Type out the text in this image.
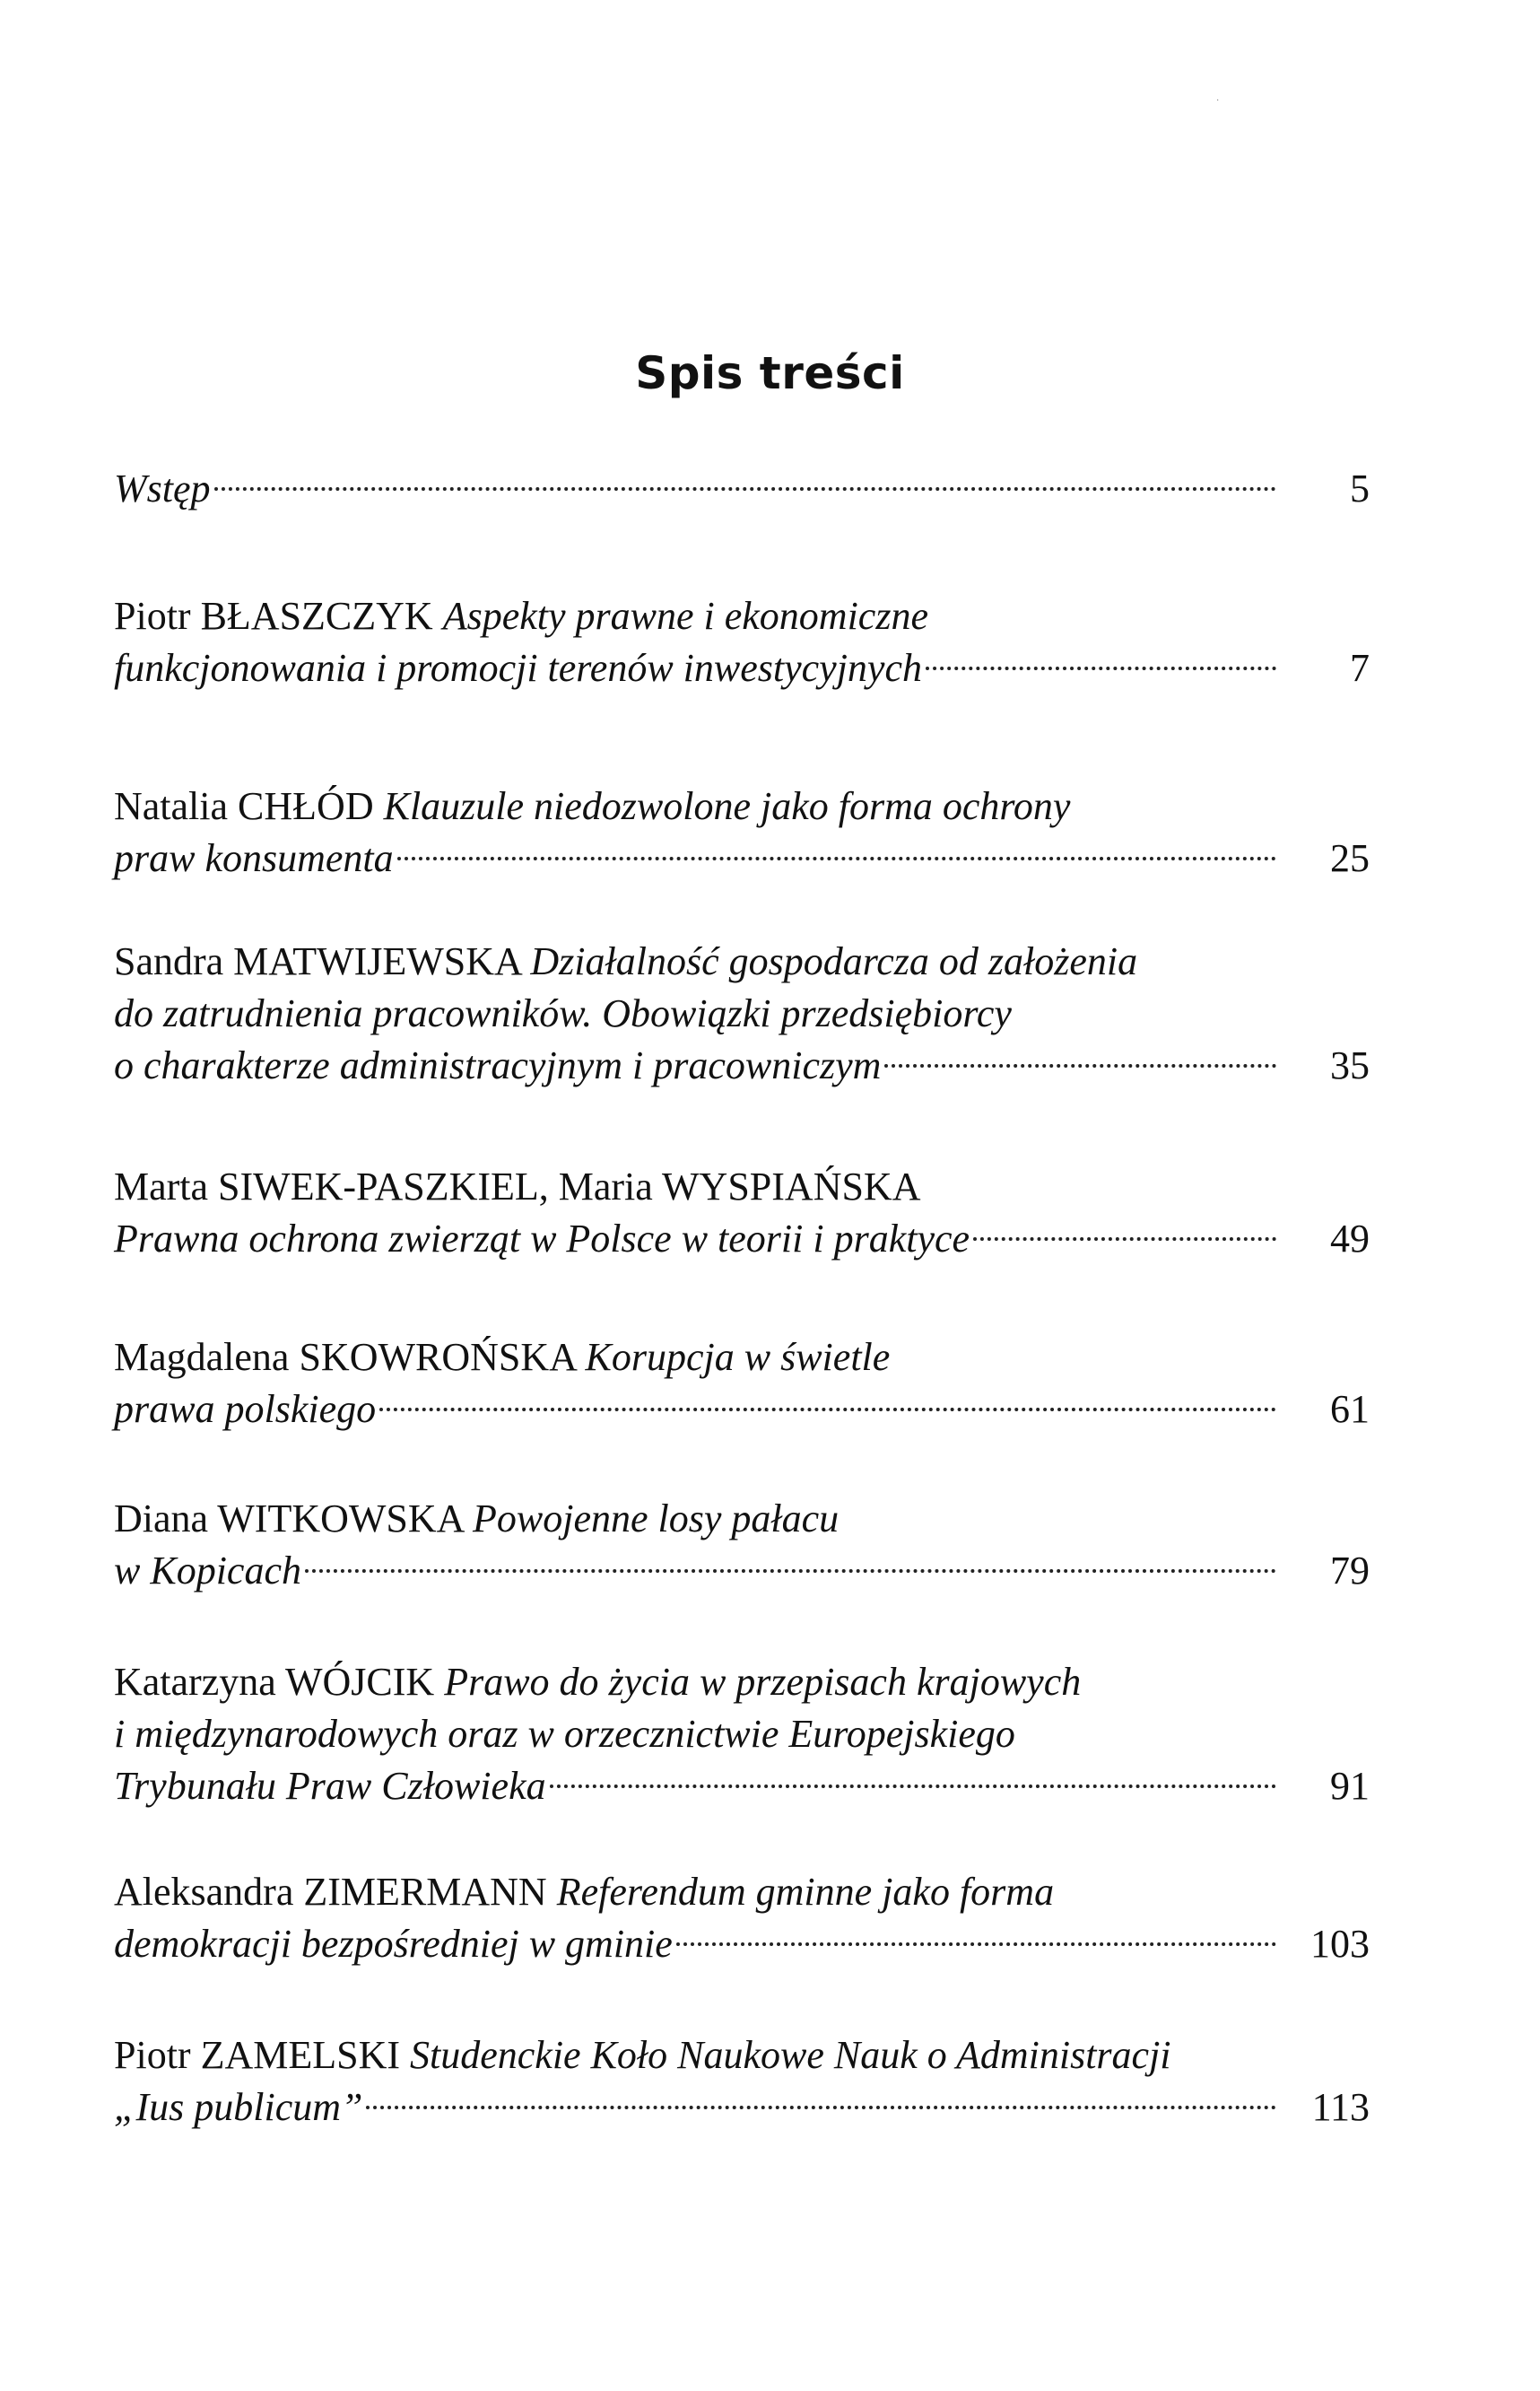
·
Spis treści
Wstęp	5
Piotr BŁASZCZYK Aspekty prawne i ekonomiczne
funkcjonowania i promocji terenów inwestycyjnych	7
Natalia CHŁÓD Klauzule niedozwolone jako forma ochrony
praw konsumenta	25
Sandra MATWIJEWSKA Działalność gospodarcza od założenia
do zatrudnienia pracowników. Obowiązki przedsiębiorcy
o charakterze administracyjnym i pracowniczym	35
Marta SIWEK-PASZKIEL, Maria WYSPIAŃSKA
Prawna ochrona zwierząt w Polsce w teorii i praktyce	49
Magdalena SKOWROŃSKA Korupcja w świetle
prawa polskiego	61
Diana WITKOWSKA Powojenne losy pałacu
w Kopicach	79
Katarzyna WÓJCIK Prawo do życia w przepisach krajowych
i międzynarodowych oraz w orzecznictwie Europejskiego
Trybunału Praw Człowieka	91
Aleksandra ZIMERMANN Referendum gminne jako forma
demokracji bezpośredniej w gminie	103
Piotr ZAMELSKI Studenckie Koło Naukowe Nauk o Administracji
„Ius publicum”	113
